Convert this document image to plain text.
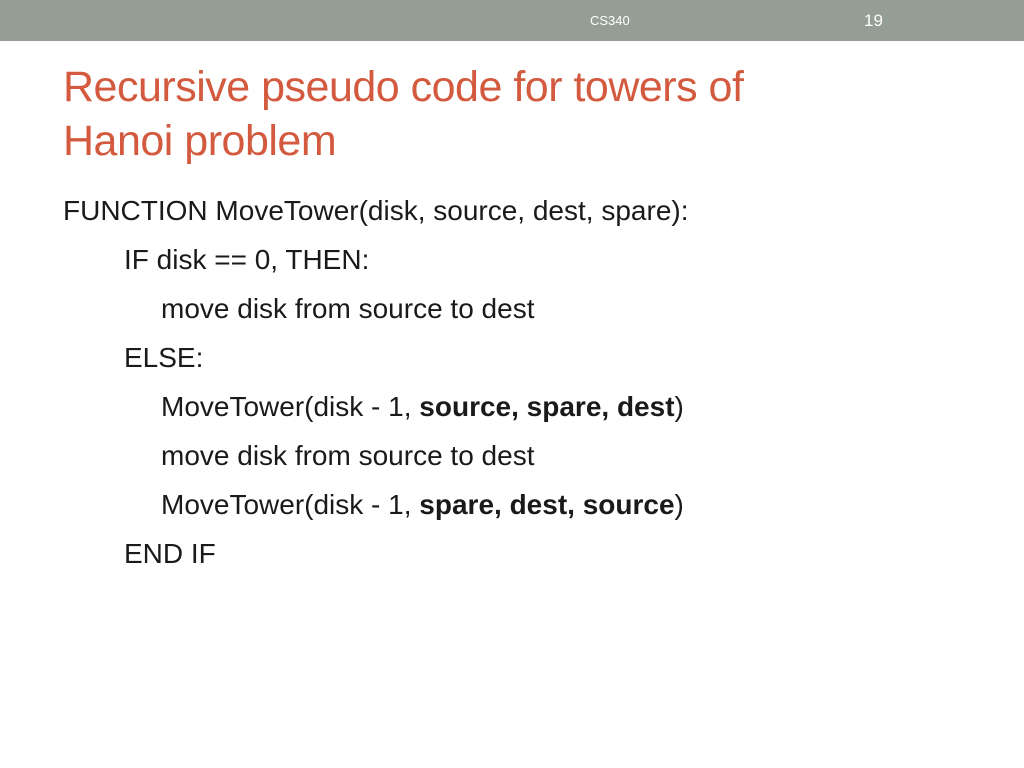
CS340	19
Recursive pseudo code for towers of
Hanoi problem
FUNCTION MoveTower(disk, source, dest, spare):
IF disk == 0, THEN:
move disk from source to dest
ELSE:
MoveTower(disk - 1, source, spare, dest)
move disk from source to dest
MoveTower(disk - 1, spare, dest, source)
END IF
